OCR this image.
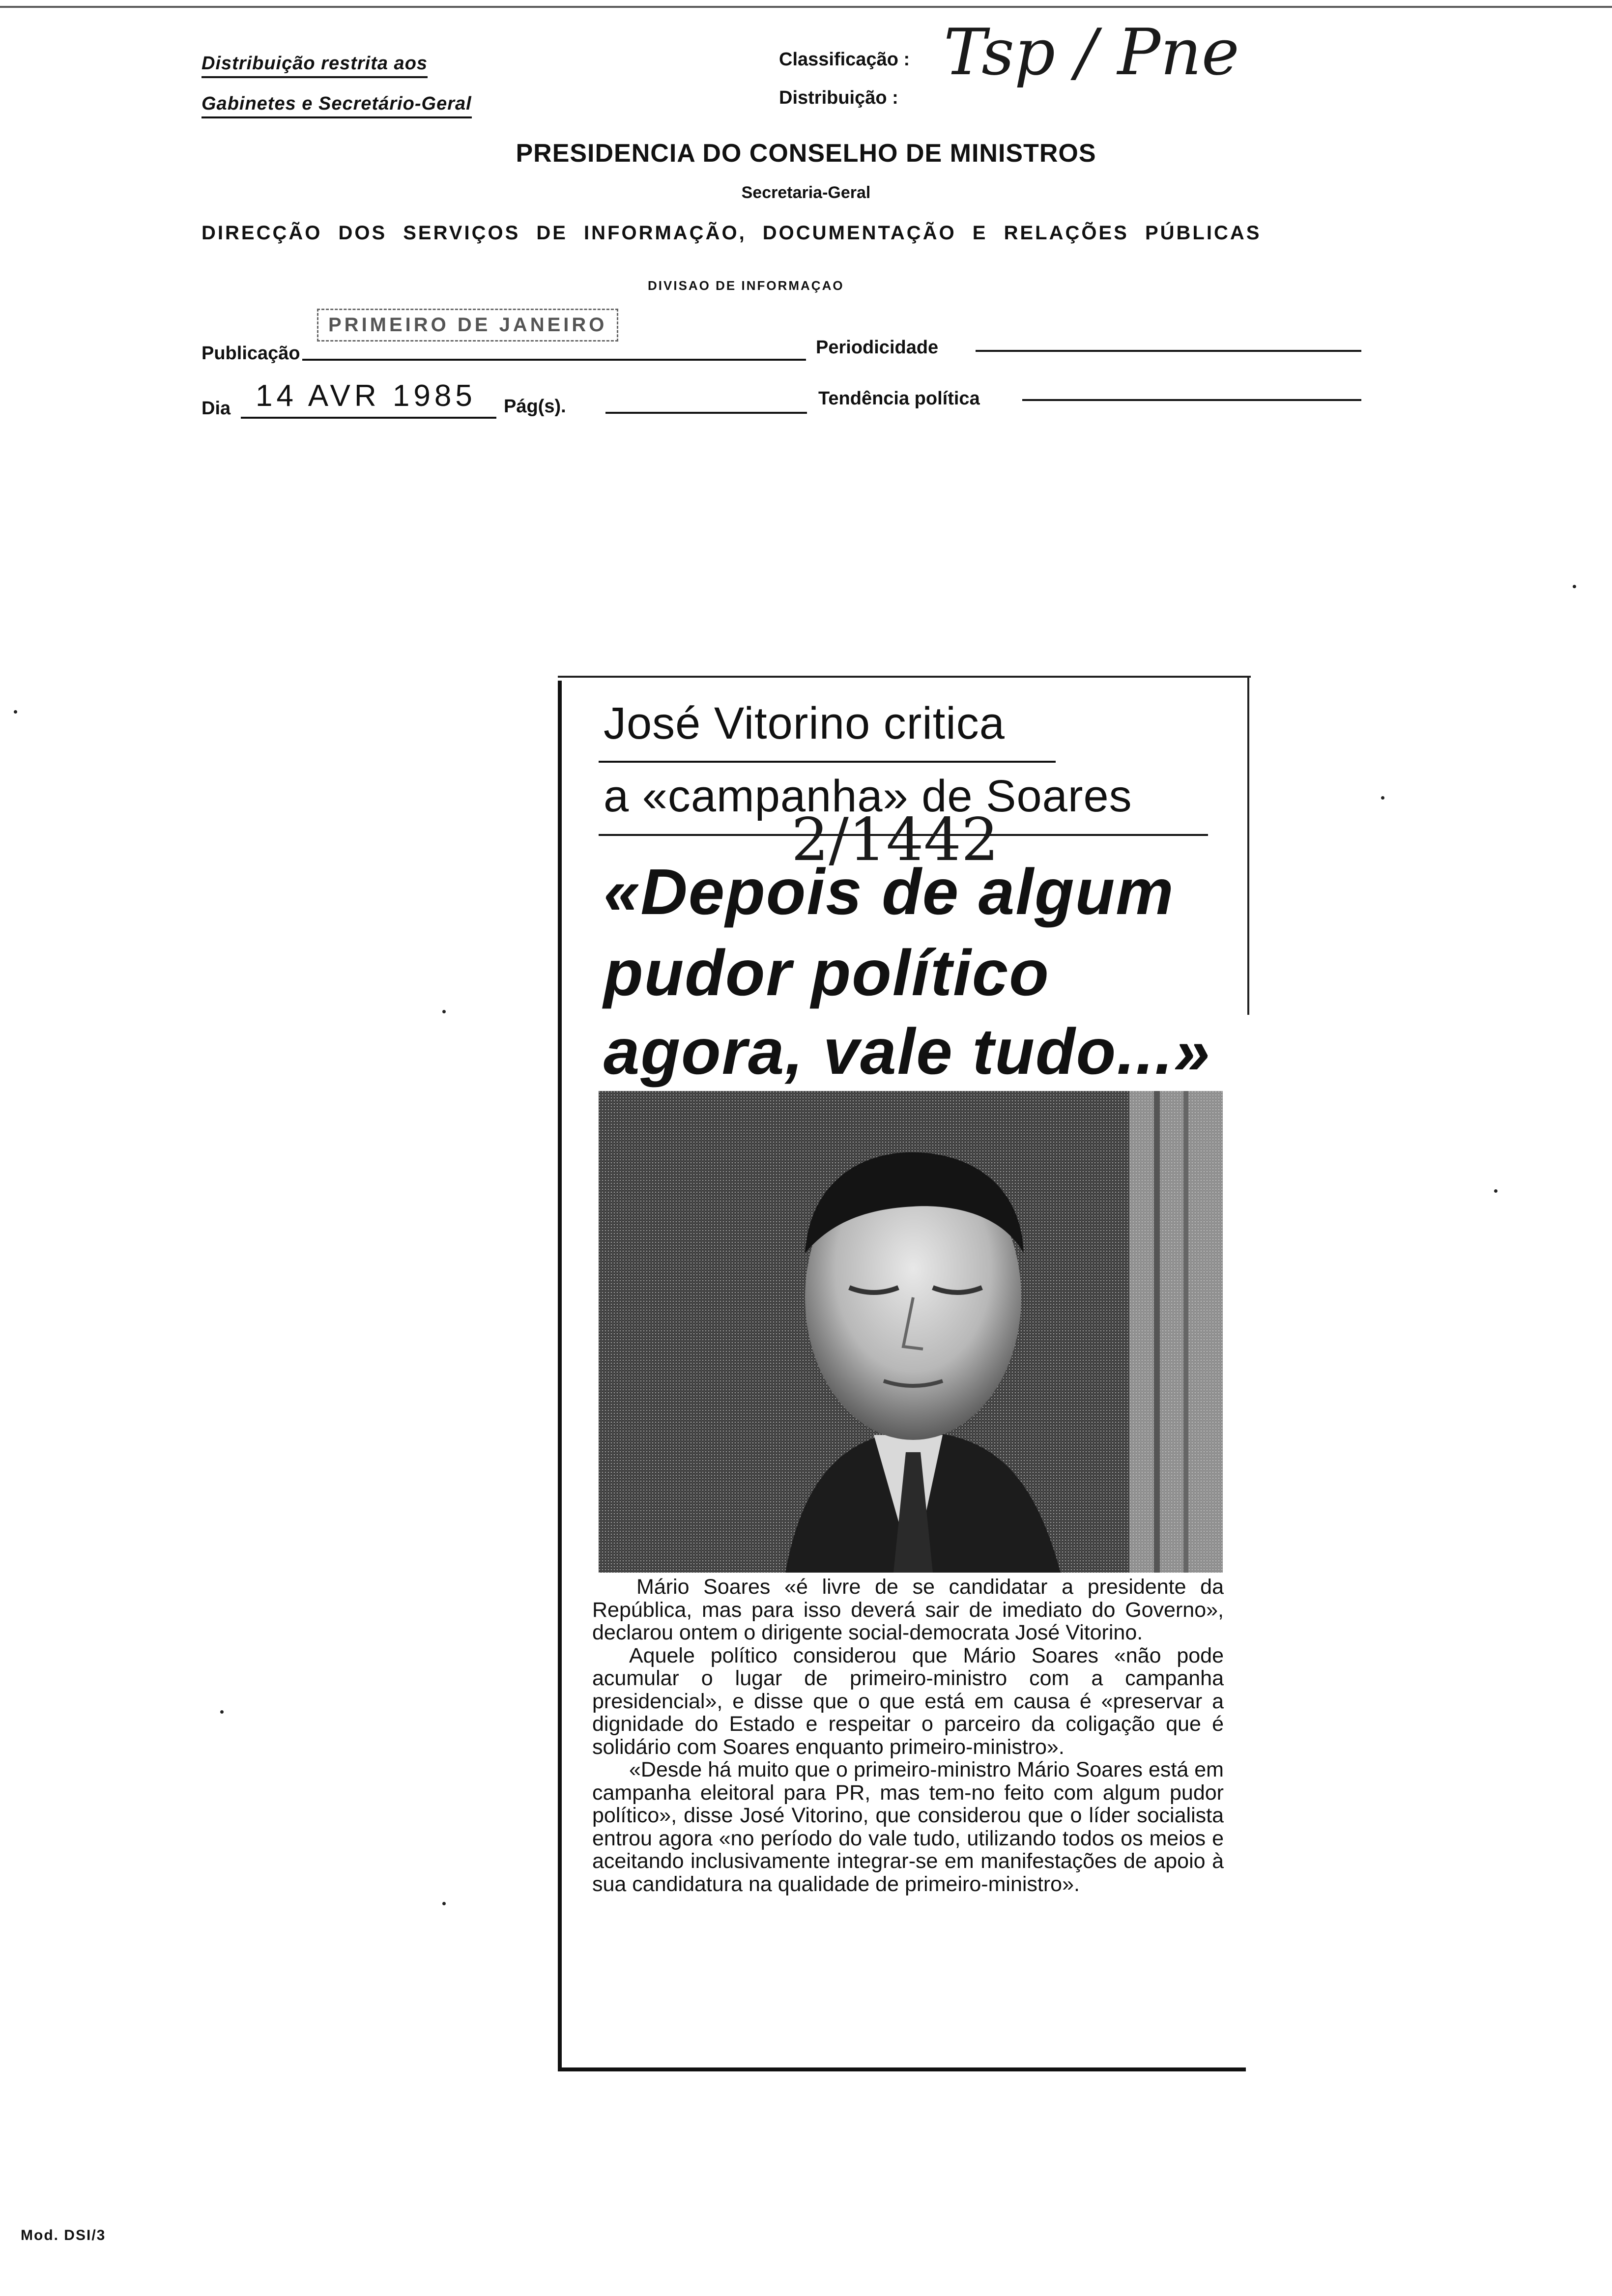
Distribuição restrita aos
Gabinetes e Secretário-Geral
Classificação :
Distribuição :
Tsp / Pne
PRESIDENCIA DO CONSELHO DE MINISTROS
Secretaria-Geral
DIRECÇÃO DOS SERVIÇOS DE INFORMAÇÃO, DOCUMENTAÇÃO E RELAÇÕES PÚBLICAS
DIVISAO DE INFORMAÇAO
Publicação
PRIMEIRO DE JANEIRO
Periodicidade
Dia 14 AVR 1985 Pág(s).	Tendência política
José Vitorino critica
a «campanha» de Soares
2/1442
«Depois de algum
pudor político
agora, vale tudo...»

Mário Soares «é livre de se candidatar a presidente da República, mas para isso deverá sair de imediato do Governo», declarou ontem o dirigente social-democrata José Vitorino.

Aquele político considerou que Mário Soares «não pode acumular o lugar de primeiro-ministro com a campanha presidencial», e disse que o que está em causa é «preservar a dignidade do Estado e respeitar o parceiro da coligação que é solidário com Soares enquanto primeiro-ministro».

«Desde há muito que o primeiro-ministro Mário Soares está em campanha eleitoral para PR, mas tem-no feito com algum pudor político», disse José Vitorino, que considerou que o líder socialista entrou agora «no período do vale tudo, utilizando todos os meios e aceitando inclusivamente integrar-se em manifestações de apoio à sua candidatura na qualidade de primeiro-ministro».

Mod. DSI/3
